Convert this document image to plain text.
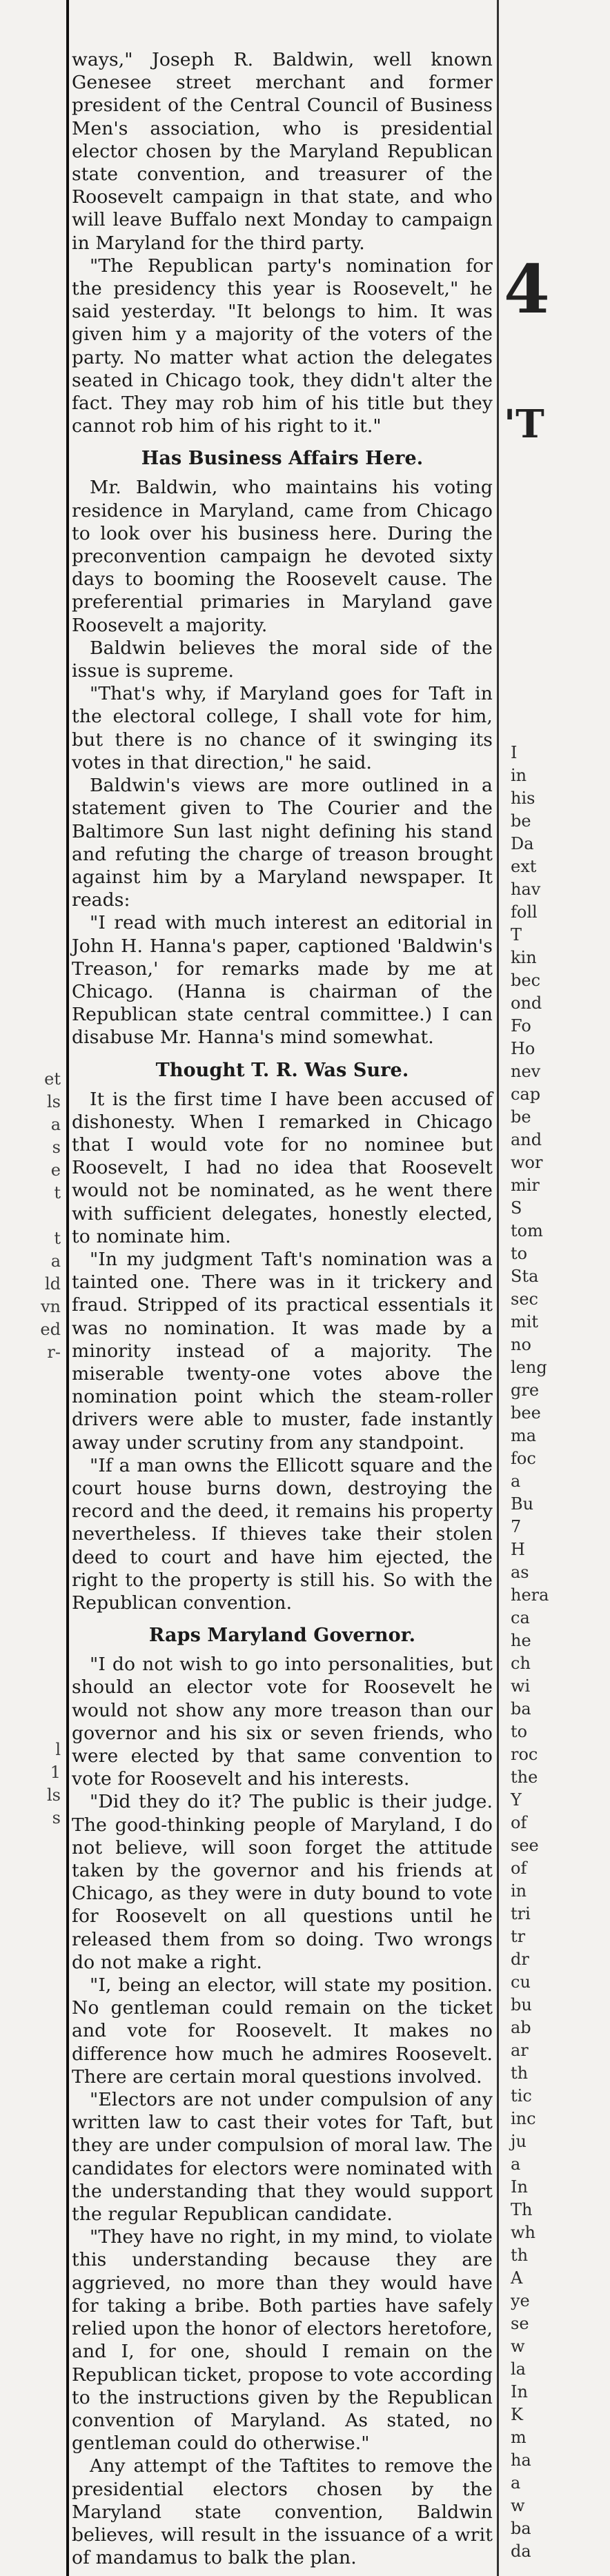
et
ls
a
s
e
t

t
a
ld
vn
ed
r-
l
1
ls
s
4
'T
I
in
his
be
Da
ext
hav
foll
T
kin
bec
ond
Fo
Ho
nev
cap
be
and
wor
mir
S
tom
to
Sta
sec
mit
no
leng
gre
bee
ma
foc
a
Bu
7
H
as
hera
ca
he
ch
wi
ba
to
roc
the
Y
of
see
of
in
tri
tr
dr
cu
bu
ab
ar
th
tic
inc
ju
a
In
Th
wh
th
A
ye
se
w
la
In
K
m
ha
a
w
ba
da

ways," Joseph R. Baldwin, well known Genesee street merchant and former president of the Central Council of Business Men's association, who is presidential elector chosen by the Maryland Republican state convention, and treasurer of the Roosevelt campaign in that state, and who will leave Buffalo next Monday to campaign in Maryland for the third party.

"The Republican party's nomination for the presidency this year is Roosevelt," he said yesterday. "It belongs to him. It was given him y a majority of the voters of the party. No matter what action the delegates seated in Chicago took, they didn't alter the fact. They may rob him of his title but they cannot rob him of his right to it."

Has Business Affairs Here.

Mr. Baldwin, who maintains his voting residence in Maryland, came from Chicago to look over his business here. During the preconvention campaign he devoted sixty days to booming the Roosevelt cause. The preferential primaries in Maryland gave Roosevelt a majority.

Baldwin believes the moral side of the issue is supreme.

"That's why, if Maryland goes for Taft in the electoral college, I shall vote for him, but there is no chance of it swinging its votes in that direction," he said.

Baldwin's views are more outlined in a statement given to The Courier and the Baltimore Sun last night defining his stand and refuting the charge of treason brought against him by a Maryland newspaper. It reads:

"I read with much interest an editorial in John H. Hanna's paper, captioned 'Baldwin's Treason,' for remarks made by me at Chicago. (Hanna is chairman of the Republican state central committee.) I can disabuse Mr. Hanna's mind somewhat.

Thought T. R. Was Sure.

It is the first time I have been accused of dishonesty. When I remarked in Chicago that I would vote for no nominee but Roosevelt, I had no idea that Roosevelt would not be nominated, as he went there with sufficient delegates, honestly elected, to nominate him.

"In my judgment Taft's nomination was a tainted one. There was in it trickery and fraud. Stripped of its practical essentials it was no nomination. It was made by a minority instead of a majority. The miserable twenty-one votes above the nomination point which the steam-roller drivers were able to muster, fade instantly away under scrutiny from any standpoint.

"If a man owns the Ellicott square and the court house burns down, destroying the record and the deed, it remains his property nevertheless. If thieves take their stolen deed to court and have him ejected, the right to the property is still his. So with the Republican convention.

Raps Maryland Governor.

"I do not wish to go into personalities, but should an elector vote for Roosevelt he would not show any more treason than our governor and his six or seven friends, who were elected by that same convention to vote for Roosevelt and his interests.

"Did they do it? The public is their judge. The good-thinking people of Maryland, I do not believe, will soon forget the attitude taken by the governor and his friends at Chicago, as they were in duty bound to vote for Roosevelt on all questions until he released them from so doing. Two wrongs do not make a right.

"I, being an elector, will state my position. No gentleman could remain on the ticket and vote for Roosevelt. It makes no difference how much he admires Roosevelt. There are certain moral questions involved.

"Electors are not under compulsion of any written law to cast their votes for Taft, but they are under compulsion of moral law. The candidates for electors were nominated with the understanding that they would support the regular Republican candidate.

"They have no right, in my mind, to violate this understanding because they are aggrieved, no more than they would have for taking a bribe. Both parties have safely relied upon the honor of electors heretofore, and I, for one, should I remain on the Republican ticket, propose to vote according to the instructions given by the Republican convention of Maryland. As stated, no gentleman could do otherwise."

Any attempt of the Taftites to remove the presidential electors chosen by the Maryland state convention, Baldwin believes, will result in the issuance of a writ of mandamus to balk the plan.
